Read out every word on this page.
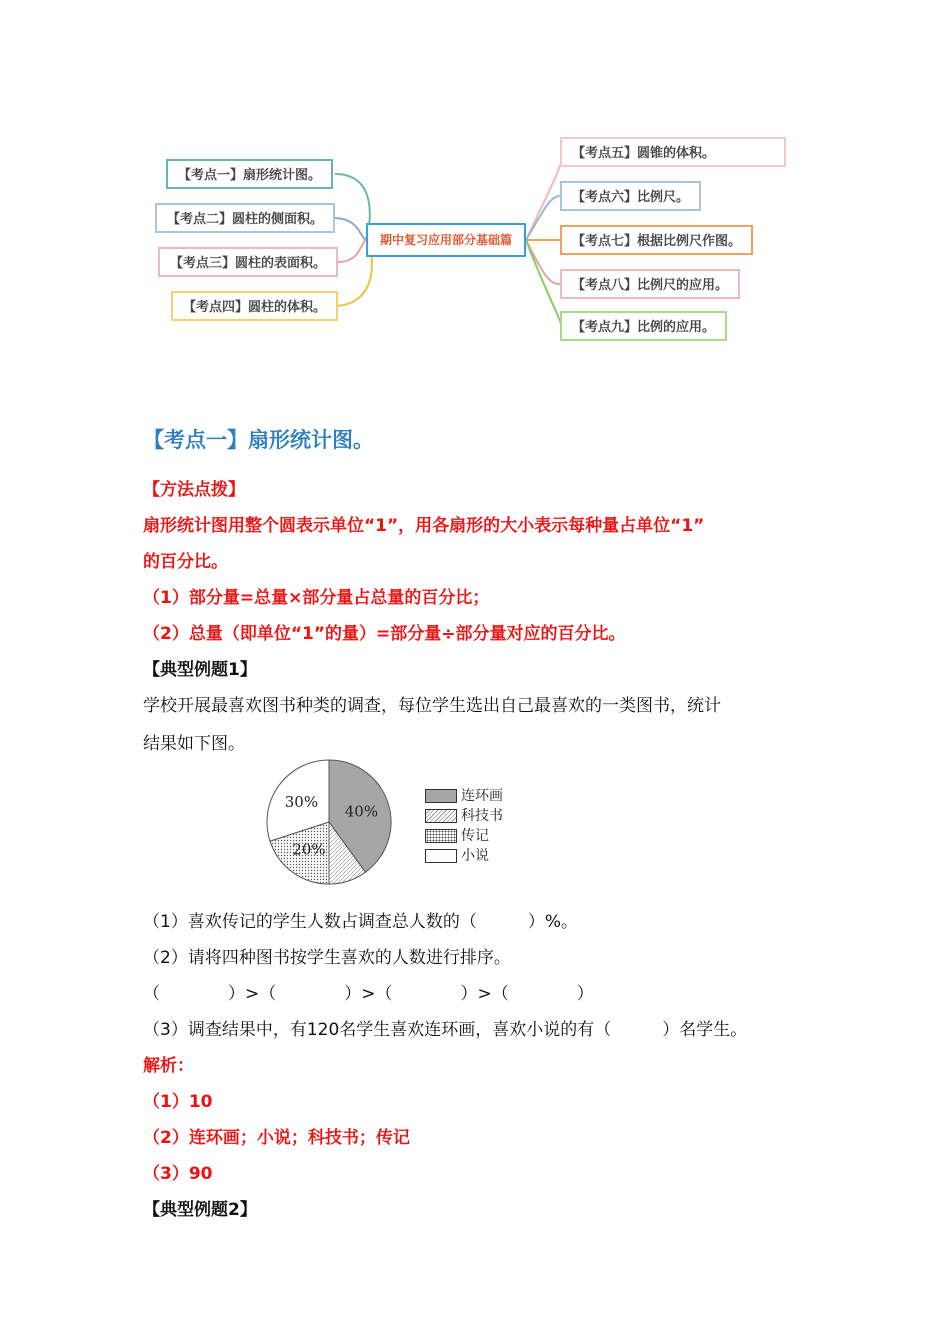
【考点一】扇形统计图。
【考点二】圆柱的侧面积。
【考点三】圆柱的表面积。
【考点四】圆柱的体积。
期中复习应用部分基础篇
【考点五】圆锥的体积。
【考点六】比例尺。
【考点七】根据比例尺作图。
【考点八】比例尺的应用。
【考点九】比例的应用。
【考点一】扇形统计图。
【方法点拨】
扇形统计图用整个圆表示单位“1”，用各扇形的大小表示每种量占单位“1”
的百分比。
（1）部分量=总量×部分量占总量的百分比；
（2）总量（即单位“1”的量）=部分量÷部分量对应的百分比。
【典型例题1】
学校开展最喜欢图书种类的调查，每位学生选出自己最喜欢的一类图书，统计
结果如下图。
40%
20%
30%	连环画
科技书
传记
小说
（1）喜欢传记的学生人数占调查总人数的（　　　）%。
（2）请将四种图书按学生喜欢的人数进行排序。
（　　　　）>（　　　　）>（　　　　）>（　　　　）
（3）调查结果中，有120名学生喜欢连环画，喜欢小说的有（　　　）名学生。
解析：
（1）10
（2）连环画；小说；科技书；传记
（3）90
【典型例题2】
